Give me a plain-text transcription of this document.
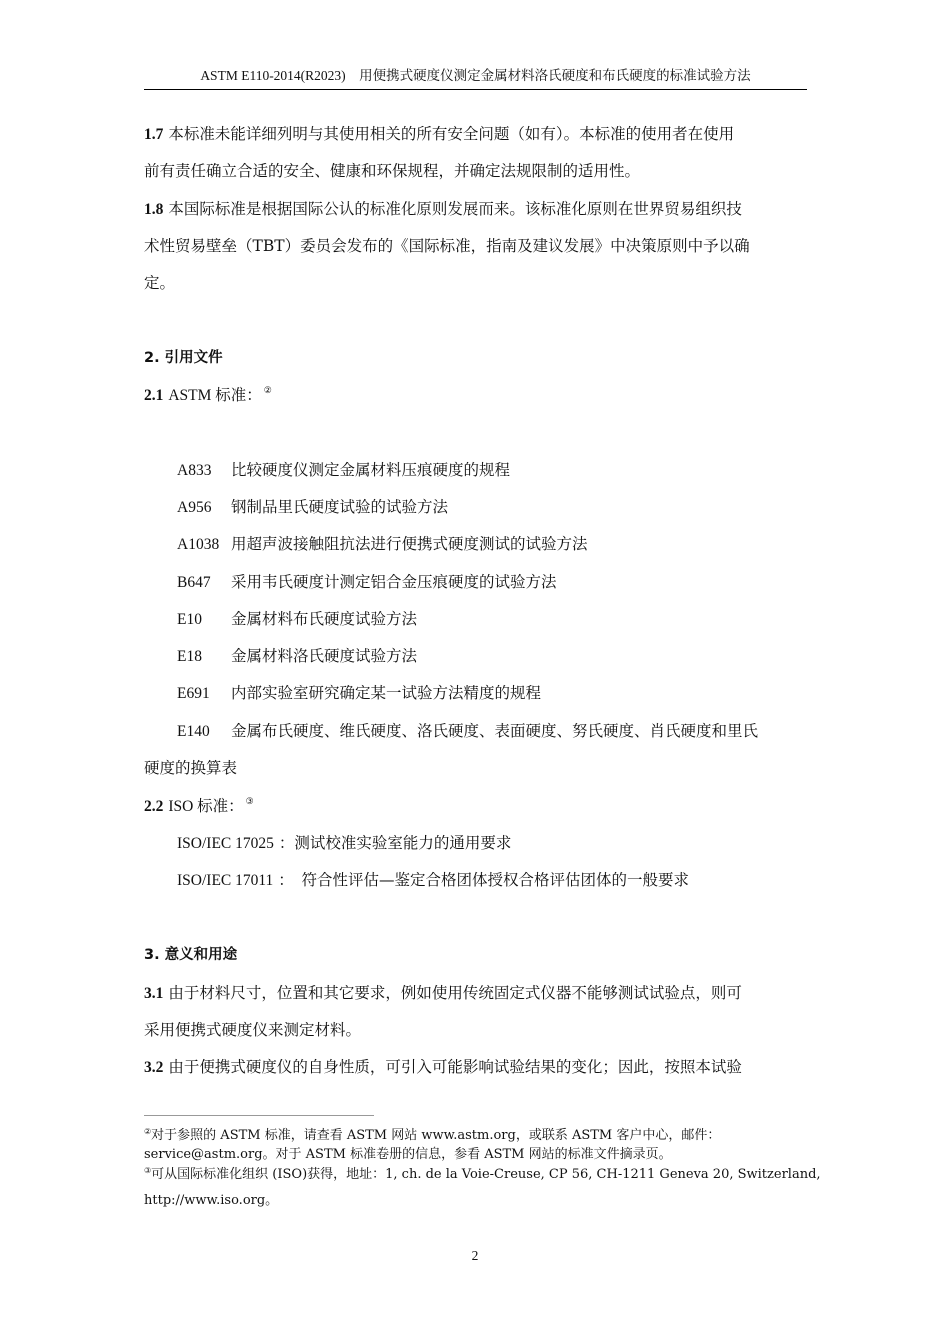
ASTM E110-2014(R2023)　用便携式硬度仪测定金属材料洛氏硬度和布氏硬度的标准试验方法
1.7 本标准未能详细列明与其使用相关的所有安全问题（如有）。本标准的使用者在使用
前有责任确立合适的安全、健康和环保规程，并确定法规限制的适用性。
1.8 本国际标准是根据国际公认的标准化原则发展而来。该标准化原则在世界贸易组织技
术性贸易壁垒（TBT）委员会发布的《国际标准，指南及建议发展》中决策原则中予以确
定。
2. 引用文件
2.1 ASTM 标准： ②
A833 比较硬度仪测定金属材料压痕硬度的规程
A956 钢制品里氏硬度试验的试验方法
A1038 用超声波接触阻抗法进行便携式硬度测试的试验方法
B647 采用韦氏硬度计测定铝合金压痕硬度的试验方法
E10 金属材料布氏硬度试验方法
E18 金属材料洛氏硬度试验方法
E691 内部实验室研究确定某一试验方法精度的规程
E140 金属布氏硬度、维氏硬度、洛氏硬度、表面硬度、努氏硬度、肖氏硬度和里氏
硬度的换算表
2.2 ISO 标准： ③
ISO/IEC 17025 ：测试校准实验室能力的通用要求
ISO/IEC 17011 ：　符合性评估—鉴定合格团体授权合格评估团体的一般要求
3. 意义和用途
3.1 由于材料尺寸，位置和其它要求，例如使用传统固定式仪器不能够测试试验点，则可
采用便携式硬度仪来测定材料。
3.2 由于便携式硬度仪的自身性质，可引入可能影响试验结果的变化；因此，按照本试验
②对于参照的 ASTM 标准，请查看 ASTM 网站 www.astm.org，或联系 ASTM 客户中心，邮件：
service@astm.org。对于 ASTM 标准卷册的信息，参看 ASTM 网站的标准文件摘录页。
③可从国际标准化组织 (ISO)获得，地址：1, ch. de la Voie-Creuse, CP 56, CH-1211 Geneva 20, Switzerland,
http://www.iso.org。
2
